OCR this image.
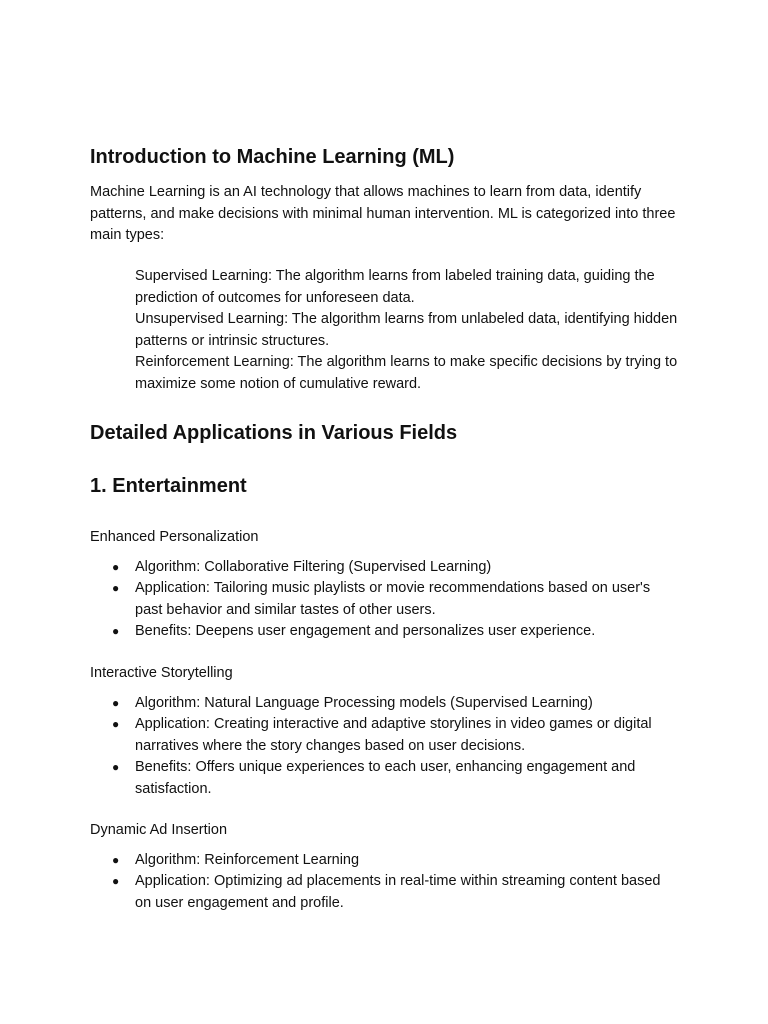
Introduction to Machine Learning (ML)

Machine Learning is an AI technology that allows machines to learn from data, identify patterns, and make decisions with minimal human intervention. ML is categorized into three main types:

Supervised Learning: The algorithm learns from labeled training data, guiding the prediction of outcomes for unforeseen data.
Unsupervised Learning: The algorithm learns from unlabeled data, identifying hidden patterns or intrinsic structures.
Reinforcement Learning: The algorithm learns to make specific decisions by trying to maximize some notion of cumulative reward.
Detailed Applications in Various Fields
1. Entertainment

Enhanced Personalization

● Algorithm: Collaborative Filtering (Supervised Learning)
● Application: Tailoring music playlists or movie recommendations based on user's past behavior and similar tastes of other users.
● Benefits: Deepens user engagement and personalizes user experience.

Interactive Storytelling

● Algorithm: Natural Language Processing models (Supervised Learning)
● Application: Creating interactive and adaptive storylines in video games or digital narratives where the story changes based on user decisions.
● Benefits: Offers unique experiences to each user, enhancing engagement and satisfaction.

Dynamic Ad Insertion

● Algorithm: Reinforcement Learning
● Application: Optimizing ad placements in real-time within streaming content based on user engagement and profile.
